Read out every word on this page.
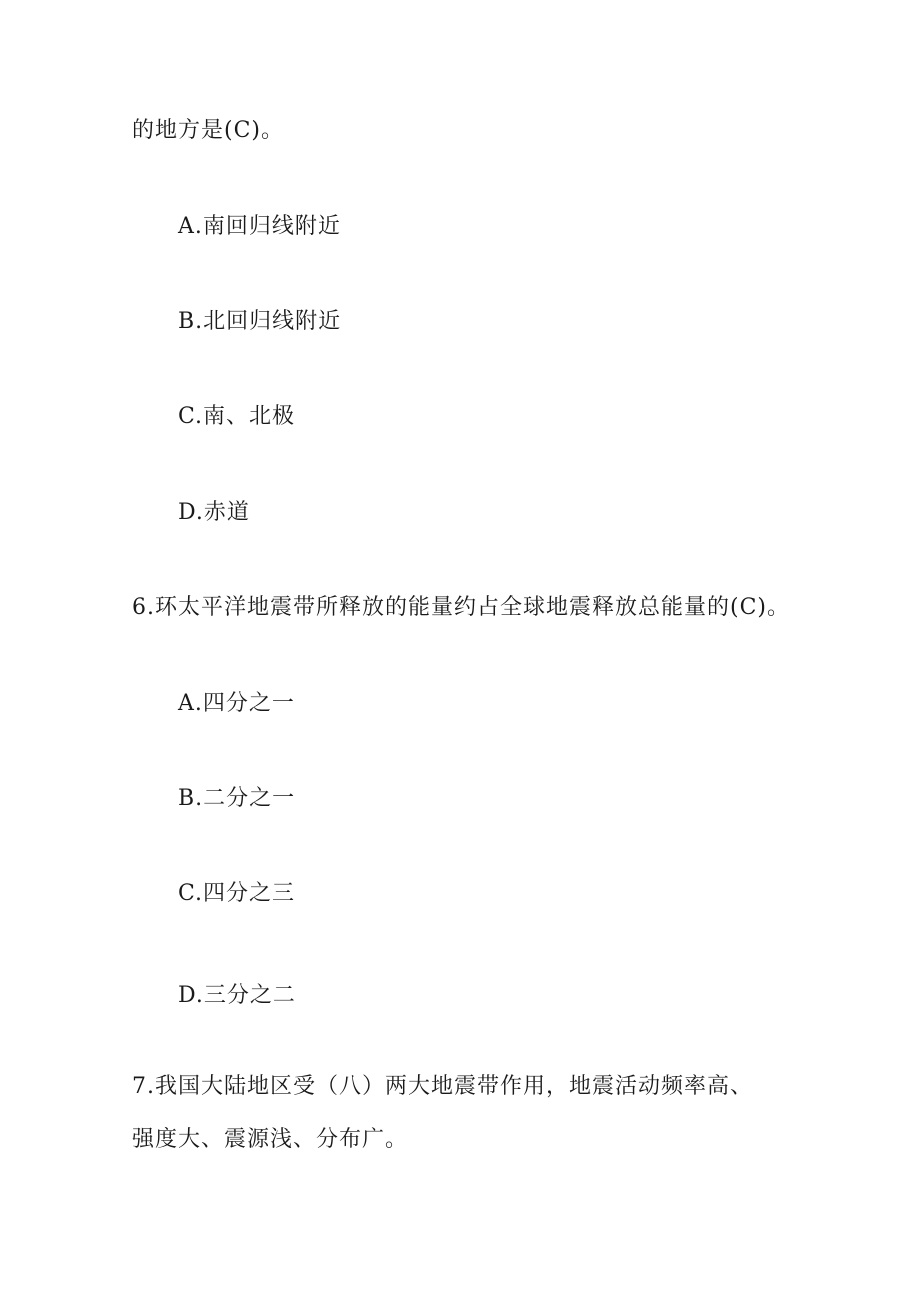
的地方是(C)。
A.南回归线附近
B.北回归线附近
C.南、北极
D.赤道
6.环太平洋地震带所释放的能量约占全球地震释放总能量的(C)。
A.四分之一
B.二分之一
C.四分之三
D.三分之二
7.我国大陆地区受（八）两大地震带作用，地震活动频率高、
强度大、震源浅、分布广。
